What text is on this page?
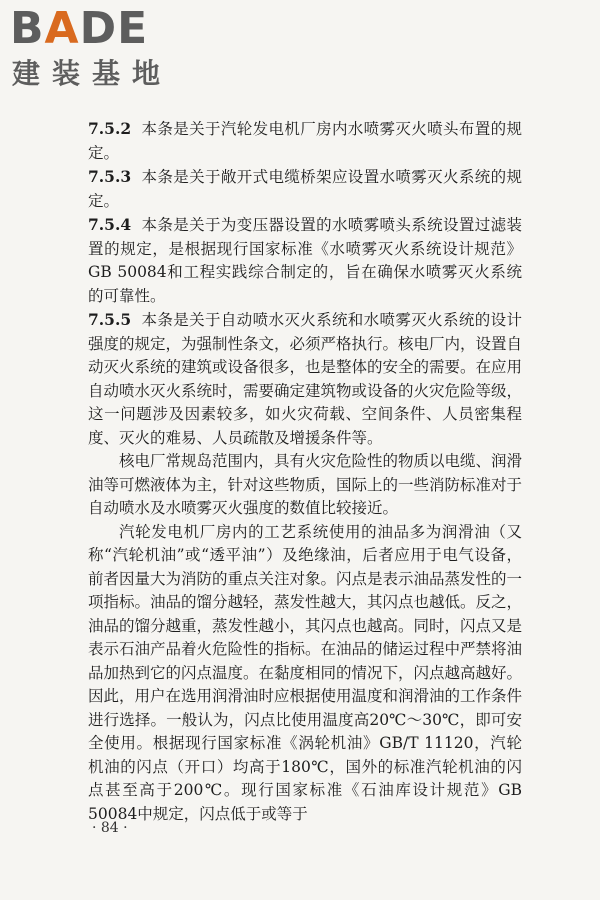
BADE
建装基地

7.5.2 本条是关于汽轮发电机厂房内水喷雾灭火喷头布置的规定。

7.5.3 本条是关于敞开式电缆桥架应设置水喷雾灭火系统的规定。

7.5.4 本条是关于为变压器设置的水喷雾喷头系统设置过滤装置的规定，是根据现行国家标准《水喷雾灭火系统设计规范》GB 50084和工程实践综合制定的，旨在确保水喷雾灭火系统的可靠性。

7.5.5 本条是关于自动喷水灭火系统和水喷雾灭火系统的设计强度的规定，为强制性条文，必须严格执行。核电厂内，设置自动灭火系统的建筑或设备很多，也是整体的安全的需要。在应用自动喷水灭火系统时，需要确定建筑物或设备的火灾危险等级，这一问题涉及因素较多，如火灾荷载、空间条件、人员密集程度、灭火的难易、人员疏散及增援条件等。

核电厂常规岛范围内，具有火灾危险性的物质以电缆、润滑油等可燃液体为主，针对这些物质，国际上的一些消防标准对于自动喷水及水喷雾灭火强度的数值比较接近。

汽轮发电机厂房内的工艺系统使用的油品多为润滑油（又称“汽轮机油”或“透平油”）及绝缘油，后者应用于电气设备，前者因量大为消防的重点关注对象。闪点是表示油品蒸发性的一项指标。油品的馏分越轻，蒸发性越大，其闪点也越低。反之，油品的馏分越重，蒸发性越小，其闪点也越高。同时，闪点又是表示石油产品着火危险性的指标。在油品的储运过程中严禁将油品加热到它的闪点温度。在黏度相同的情况下，闪点越高越好。因此，用户在选用润滑油时应根据使用温度和润滑油的工作条件进行选择。一般认为，闪点比使用温度高20℃～30℃，即可安全使用。根据现行国家标准《涡轮机油》GB/T 11120，汽轮机油的闪点（开口）均高于180℃，国外的标准汽轮机油的闪点甚至高于200℃。现行国家标准《石油库设计规范》GB 50084中规定，闪点低于或等于

· 84 ·
